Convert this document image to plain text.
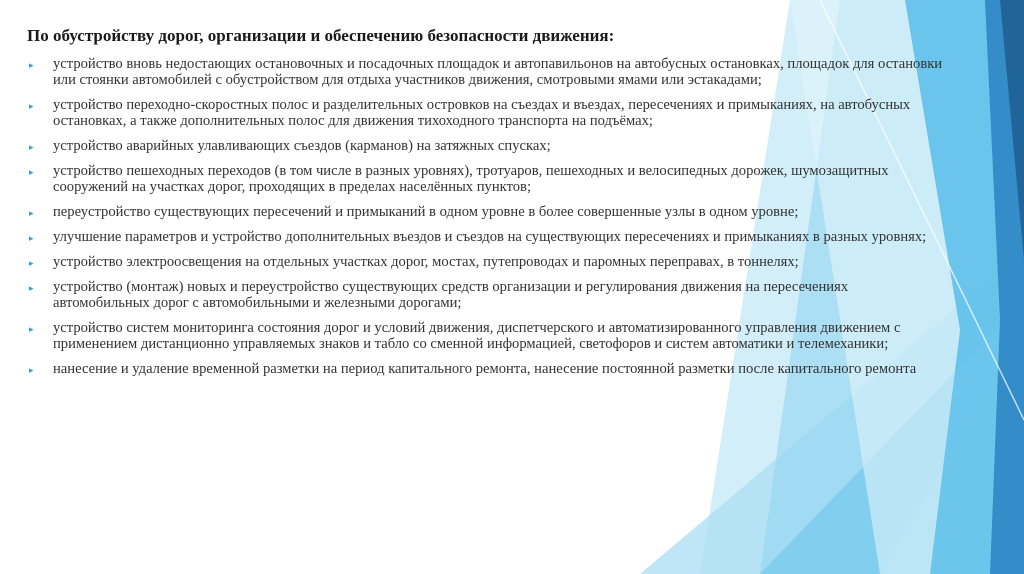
По обустройству дорог, организации и обеспечению безопасности движения:

▸ устройство вновь недостающих остановочных и посадочных площадок и автопавильонов на автобусных остановках, площадок для остановки или стоянки автомобилей с обустройством для отдыха участников движения, смотровыми ямами или эстакадами;
▸ устройство переходно-скоростных полос и разделительных островков на съездах и въездах, пересечениях и примыканиях, на автобусных остановках, а также дополнительных полос для движения тихоходного транспорта на подъёмах;
▸ устройство аварийных улавливающих съездов (карманов) на затяжных спусках;
▸ устройство пешеходных переходов (в том числе в разных уровнях), тротуаров, пешеходных и велосипедных дорожек, шумозащитных сооружений на участках дорог, проходящих в пределах населённых пунктов;
▸ переустройство существующих пересечений и примыканий в одном уровне в более совершенные узлы в одном уровне;
▸ улучшение параметров и устройство дополнительных въездов и съездов на существующих пересечениях и примыканиях в разных уровнях;
▸ устройство электроосвещения на отдельных участках дорог, мостах, путепроводах и паромных переправах, в тоннелях;
▸ устройство (монтаж) новых и переустройство существующих средств организации и регулирования движения на пересечениях автомобильных дорог с автомобильными и железными дорогами;
▸ устройство систем мониторинга состояния дорог и условий движения, диспетчерского и автоматизированного управления движением с применением дистанционно управляемых знаков и табло со сменной информацией, светофоров и систем автоматики и телемеханики;
▸ нанесение и удаление временной разметки на период капитального ремонта, нанесение постоянной разметки после капитального ремонта
